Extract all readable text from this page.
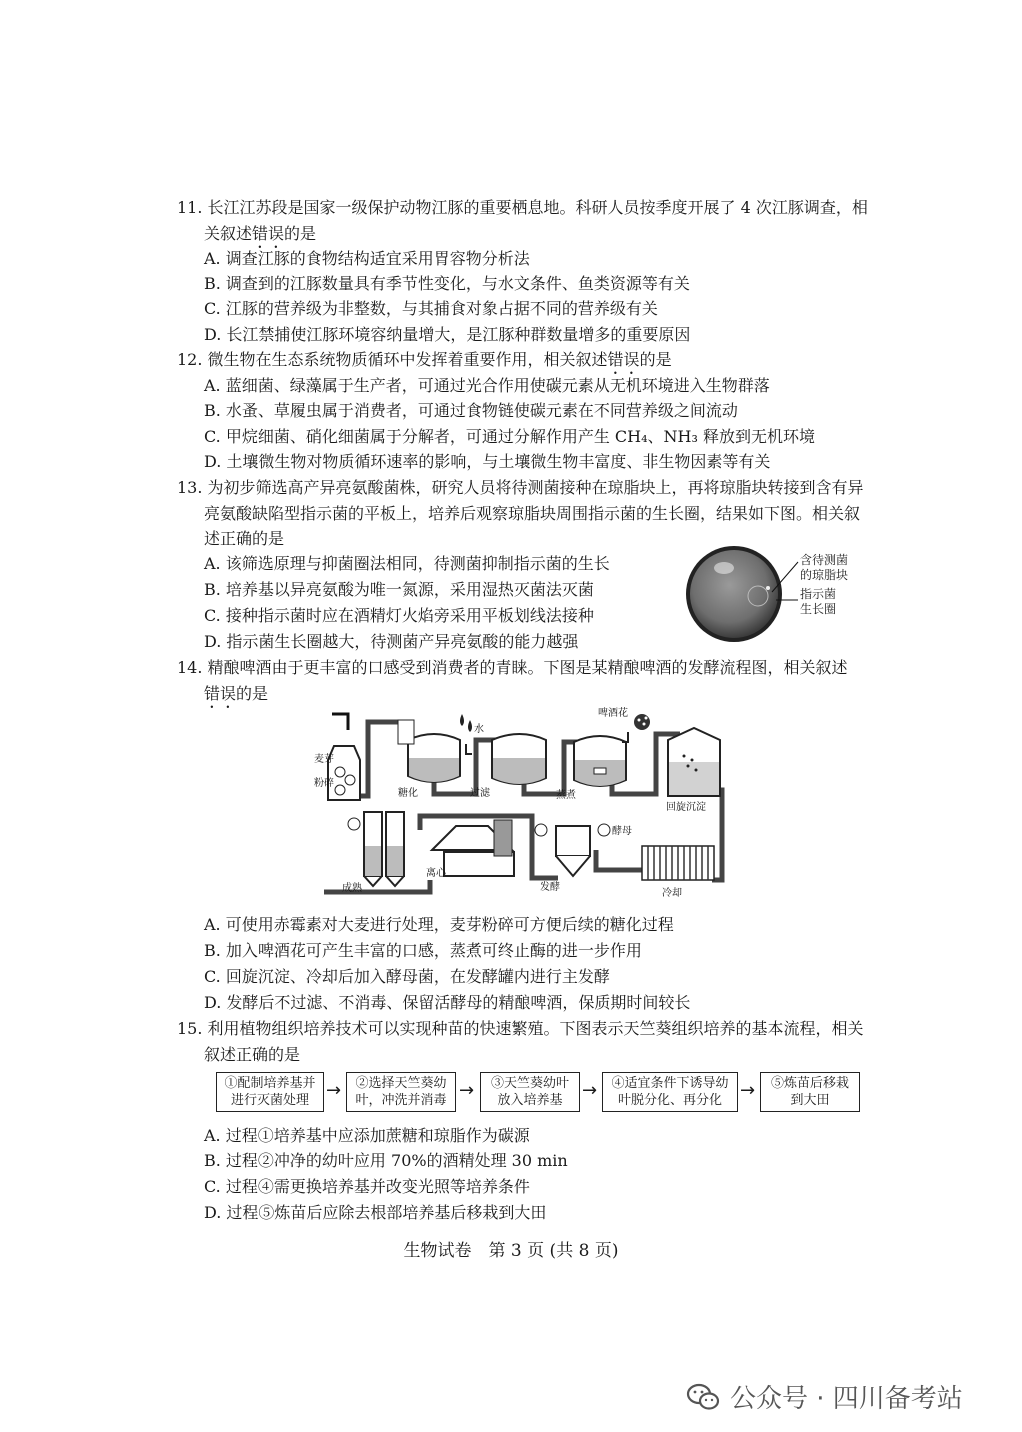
11. 长江江苏段是国家一级保护动物江豚的重要栖息地。科研人员按季度开展了 4 次江豚调查，相
关叙述错误的是
A. 调查江豚的食物结构适宜采用胃容物分析法
B. 调查到的江豚数量具有季节性变化，与水文条件、鱼类资源等有关
C. 江豚的营养级为非整数，与其捕食对象占据不同的营养级有关
D. 长江禁捕使江豚环境容纳量增大，是江豚种群数量增多的重要原因
12. 微生物在生态系统物质循环中发挥着重要作用，相关叙述错误的是
A. 蓝细菌、绿藻属于生产者，可通过光合作用使碳元素从无机环境进入生物群落
B. 水蚤、草履虫属于消费者，可通过食物链使碳元素在不同营养级之间流动
C. 甲烷细菌、硝化细菌属于分解者，可通过分解作用产生 CH₄、NH₃ 释放到无机环境
D. 土壤微生物对物质循环速率的影响，与土壤微生物丰富度、非生物因素等有关
13. 为初步筛选高产异亮氨酸菌株，研究人员将待测菌接种在琼脂块上，再将琼脂块转接到含有异
亮氨酸缺陷型指示菌的平板上，培养后观察琼脂块周围指示菌的生长圈，结果如下图。相关叙
述正确的是
A. 该筛选原理与抑菌圈法相同，待测菌抑制指示菌的生长
B. 培养基以异亮氨酸为唯一氮源，采用湿热灭菌法灭菌
C. 接种指示菌时应在酒精灯火焰旁采用平板划线法接种
D. 指示菌生长圈越大，待测菌产异亮氨酸的能力越强
含待测菌
的琼脂块
指示菌
生长圈
14. 精酿啤酒由于更丰富的口感受到消费者的青睐。下图是某精酿啤酒的发酵流程图，相关叙述
错误的是
麦芽
粉碎
水
啤酒花
糖化	过滤	蒸煮
回旋沉淀
成熟
离心
发酵
酵母
冷却
A. 可使用赤霉素对大麦进行处理，麦芽粉碎可方便后续的糖化过程
B. 加入啤酒花可产生丰富的口感，蒸煮可终止酶的进一步作用
C. 回旋沉淀、冷却后加入酵母菌，在发酵罐内进行主发酵
D. 发酵后不过滤、不消毒、保留活酵母的精酿啤酒，保质期时间较长
15. 利用植物组织培养技术可以实现种苗的快速繁殖。下图表示天竺葵组织培养的基本流程，相关
叙述正确的是
①配制培养基并
进行灭菌处理 →	②选择天竺葵幼
叶，冲洗并消毒 →	③天竺葵幼叶
放入培养基	→	④适宜条件下诱导幼
叶脱分化、再分化	→	⑤炼苗后移栽
到大田
A. 过程①培养基中应添加蔗糖和琼脂作为碳源
B. 过程②冲净的幼叶应用 70%的酒精处理 30 min
C. 过程④需更换培养基并改变光照等培养条件
D. 过程⑤炼苗后应除去根部培养基后移栽到大田
生物试卷　第 3 页 (共 8 页)
公众号 · 四川备考站
